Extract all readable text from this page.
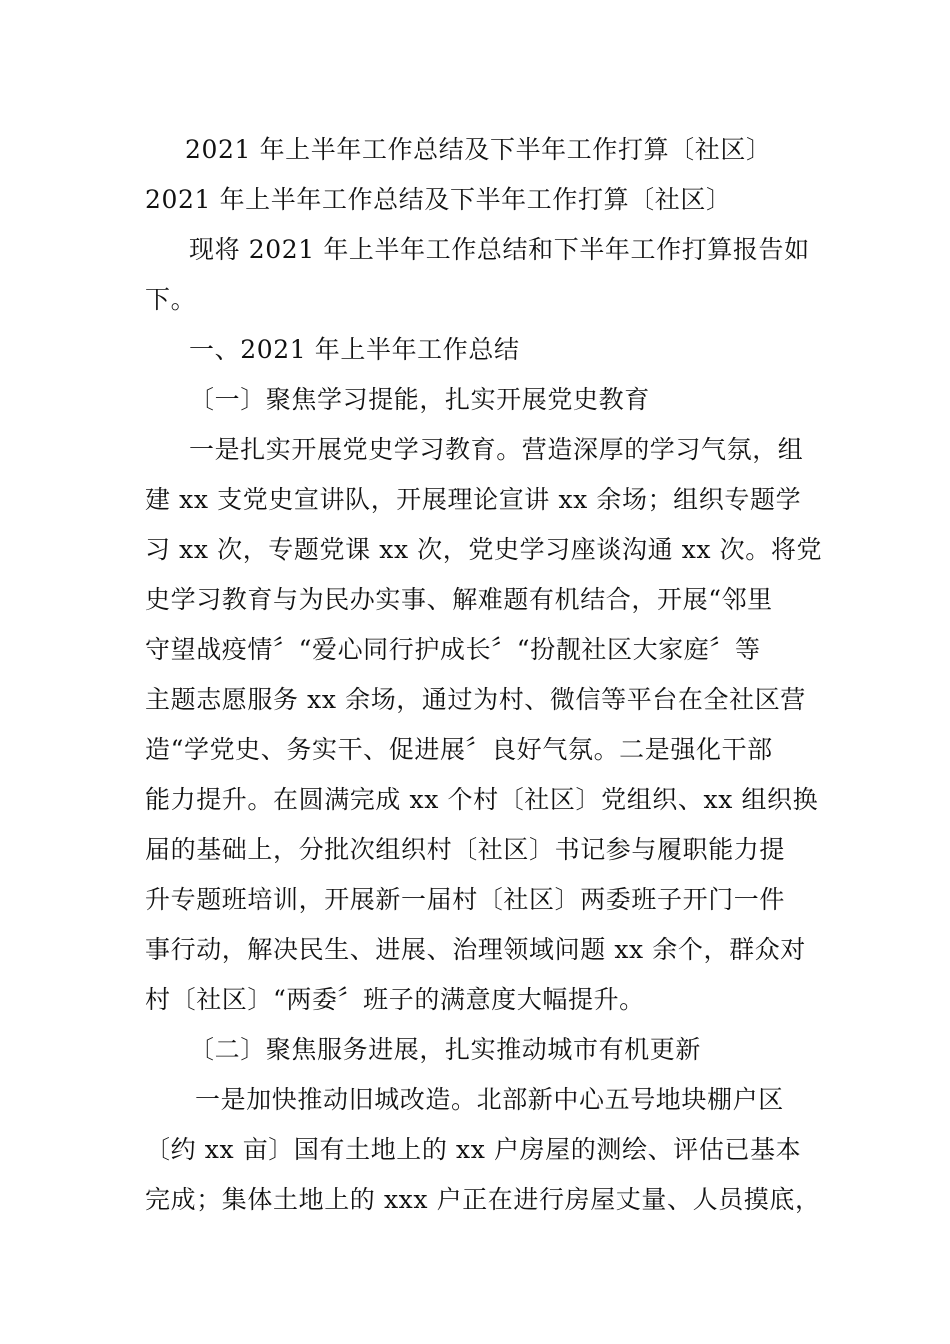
2021 年上半年工作总结及下半年工作打算〔社区〕
2021 年上半年工作总结及下半年工作打算〔社区〕
现将 2021 年上半年工作总结和下半年工作打算报告如
下。
一、2021 年上半年工作总结
〔一〕聚焦学习提能，扎实开展党史教育
一是扎实开展党史学习教育。营造深厚的学习气氛，组
建 xx 支党史宣讲队，开展理论宣讲 xx 余场；组织专题学
习 xx 次，专题党课 xx 次，党史学习座谈沟通 xx 次。将党
史学习教育与为民办实事、解难题有机结合，开展“邻里
守望战疫情〞“爱心同行护成长〞“扮靓社区大家庭〞等
主题志愿服务 xx 余场，通过为村、微信等平台在全社区营
造“学党史、务实干、促进展〞良好气氛。二是强化干部
能力提升。在圆满完成 xx 个村〔社区〕党组织、xx 组织换
届的基础上，分批次组织村〔社区〕书记参与履职能力提
升专题班培训，开展新一届村〔社区〕两委班子开门一件
事行动，解决民生、进展、治理领域问题 xx 余个，群众对
村〔社区〕“两委〞班子的满意度大幅提升。
〔二〕聚焦服务进展，扎实推动城市有机更新
一是加快推动旧城改造。北部新中心五号地块棚户区
〔约 xx 亩〕国有土地上的 xx 户房屋的测绘、评估已基本
完成；集体土地上的 xxx 户正在进行房屋丈量、人员摸底，
